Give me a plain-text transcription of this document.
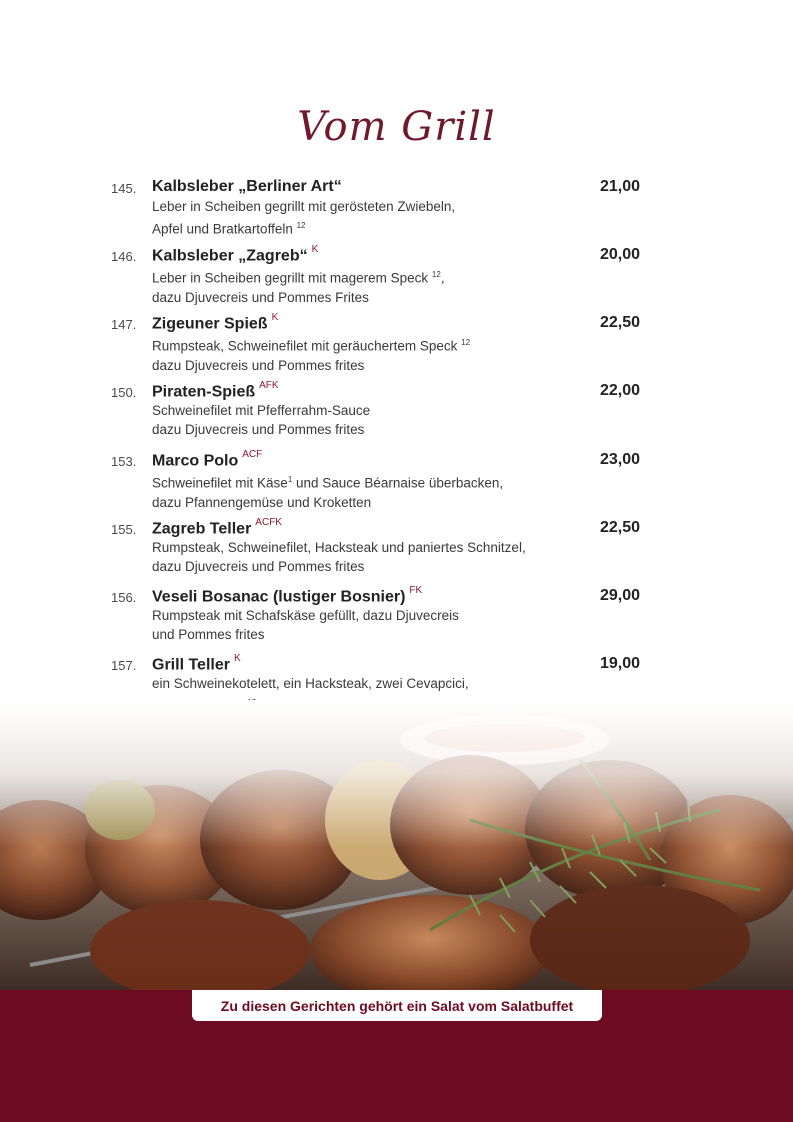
Vom Grill
145. Kalbsleber „Berliner Art“
Leber in Scheiben gegrillt mit gerösteten Zwiebeln,
Apfel und Bratkartoffeln $^{12}$
21,00
146. Kalbsleber „Zagreb“ $^K$
Leber in Scheiben gegrillt mit magerem Speck $^{12}$,
dazu Djuvecreis und Pommes Frites
20,00
147. Zigeuner Spieß $^K$
Rumpsteak, Schweinefilet mit geräuchertem Speck $^{12}$
dazu Djuvecreis und Pommes frites
22,50
150. Piraten-Spieß $^{AFK}$
Schweinefilet mit Pfefferrahm-Sauce
dazu Djuvecreis und Pommes frites
22,00
153. Marco Polo $^{ACF}$
Schweinefilet mit Käse$^1$ und Sauce Béarnaise überbacken,
dazu Pfannengemüse und Kroketten
23,00
155. Zagreb Teller $^{ACFK}$
Rumpsteak, Schweinefilet, Hacksteak und paniertes Schnitzel,
dazu Djuvecreis und Pommes frites
22,50
156. Veseli Bosanac (lustiger Bosnier) $^{FK}$
Rumpsteak mit Schafskäse gefüllt, dazu Djuvecreis
und Pommes frites
29,00
157. Grill Teller $^K$
ein Schweinekotelett, ein Hacksteak, zwei Cevapcici,
19,00
Zu diesen Gerichten gehört ein Salat vom Salatbuffet
